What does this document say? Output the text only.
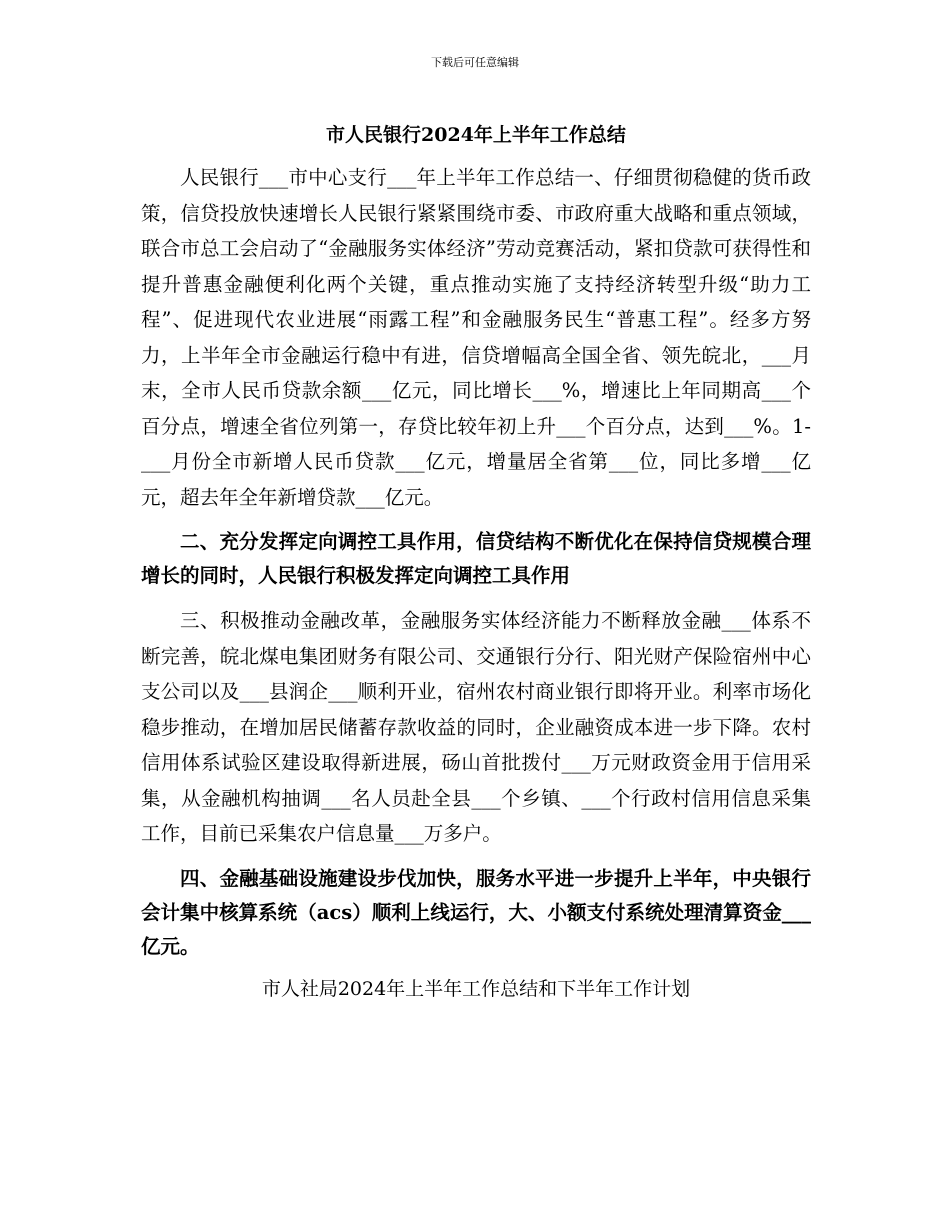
下载后可任意编辑
市人民银行2024年上半年工作总结

人民银行___市中心支行___年上半年工作总结一、仔细贯彻稳健的货币政策，信贷投放快速增长人民银行紧紧围绕市委、市政府重大战略和重点领域，联合市总工会启动了“金融服务实体经济”劳动竞赛活动，紧扣贷款可获得性和提升普惠金融便利化两个关键，重点推动实施了支持经济转型升级“助力工程”、促进现代农业进展“雨露工程”和金融服务民生“普惠工程”。经多方努力，上半年全市金融运行稳中有进，信贷增幅高全国全省、领先皖北，___月末，全市人民币贷款余额___亿元，同比增长___%，增速比上年同期高___个百分点，增速全省位列第一，存贷比较年初上升___个百分点，达到___%。1-___月份全市新增人民币贷款___亿元，增量居全省第___位，同比多增___亿元，超去年全年新增贷款___亿元。

二、充分发挥定向调控工具作用，信贷结构不断优化在保持信贷规模合理增长的同时，人民银行积极发挥定向调控工具作用

三、积极推动金融改革，金融服务实体经济能力不断释放金融___体系不断完善，皖北煤电集团财务有限公司、交通银行分行、阳光财产保险宿州中心支公司以及___县润企___顺利开业，宿州农村商业银行即将开业。利率市场化稳步推动，在增加居民储蓄存款收益的同时，企业融资成本进一步下降。农村信用体系试验区建设取得新进展，砀山首批拨付___万元财政资金用于信用采集，从金融机构抽调___名人员赴全县___个乡镇、___个行政村信用信息采集工作，目前已采集农户信息量___万多户。

四、金融基础设施建设步伐加快，服务水平进一步提升上半年，中央银行会计集中核算系统（acs）顺利上线运行，大、小额支付系统处理清算资金___亿元。

市人社局2024年上半年工作总结和下半年工作计划
